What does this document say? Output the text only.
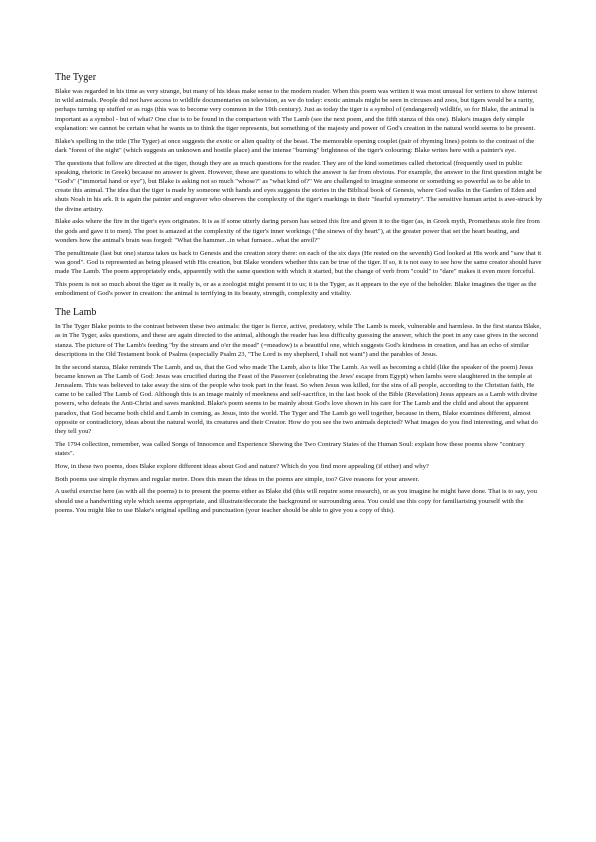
The Tyger

Blake was regarded in his time as very strange, but many of his ideas make sense to the modern reader. When this poem was written it was most unusual for writers to show interest in wild animals. People did not have access to wildlife documentaries on television, as we do today: exotic animals might be seen in circuses and zoos, but tigers would be a rarity, perhaps turning up stuffed or as rugs (this was to become very common in the 19th century). Just as today the tiger is a symbol of (endangered) wildlife, so for Blake, the animal is important as a symbol - but of what? One clue is to be found in the comparison with The Lamb (see the next poem, and the fifth stanza of this one). Blake's images defy simple explanation: we cannot be certain what he wants us to think the tiger represents, but something of the majesty and power of God's creation in the natural world seems to be present.

Blake's spelling in the title (The Tyger) at once suggests the exotic or alien quality of the beast. The memorable opening couplet (pair of rhyming lines) points to the contrast of the dark "forest of the night" (which suggests an unknown and hostile place) and the intense "burning" brightness of the tiger's colouring: Blake writes here with a painter's eye.

The questions that follow are directed at the tiger, though they are as much questions for the reader. They are of the kind sometimes called rhetorical (frequently used in public speaking, rhetoric in Greek) because no answer is given. However, these are questions to which the answer is far from obvious. For example, the answer to the first question might be "God's" ("immortal hand or eye"), but Blake is asking not so much "whose?" as "what kind of?" We are challenged to imagine someone or something so powerful as to be able to create this animal. The idea that the tiger is made by someone with hands and eyes suggests the stories in the Biblical book of Genesis, where God walks in the Garden of Eden and shuts Noah in his ark. It is again the painter and engraver who observes the complexity of the tiger's markings in their "fearful symmetry". The sensitive human artist is awe-struck by the divine artistry.

Blake asks where the fire in the tiger's eyes originates. It is as if some utterly daring person has seized this fire and given it to the tiger (as, in Greek myth, Prometheus stole fire from the gods and gave it to men). The poet is amazed at the complexity of the tiger's inner workings ("the sinews of thy heart"), at the greater power that set the heart beating, and wonders how the animal's brain was forged: "What the hammer...in what furnace...what the anvil?"

The penultimate (last but one) stanza takes us back to Genesis and the creation story there: on each of the six days (He rested on the seventh) God looked at His work and "saw that it was good". God is represented as being pleased with His creation, but Blake wonders whether this can be true of the tiger. If so, it is not easy to see how the same creator should have made The Lamb. The poem appropriately ends, apparently with the same question with which it started, but the change of verb from "could" to "dare" makes it even more forceful.

This poem is not so much about the tiger as it really is, or as a zoologist might present it to us; it is the Tyger, as it appears to the eye of the beholder. Blake imagines the tiger as the embodiment of God's power in creation: the animal is terrifying in its beauty, strength, complexity and vitality.

The Lamb

In The Tyger Blake points to the contrast between these two animals: the tiger is fierce, active, predatory, while The Lamb is meek, vulnerable and harmless. In the first stanza Blake, as in The Tyger, asks questions, and these are again directed to the animal, although the reader has less difficulty guessing the answer, which the poet in any case gives in the second stanza. The picture of The Lamb's feeding "by the stream and o'er the mead" (=meadow) is a beautiful one, which suggests God's kindness in creation, and has an echo of similar descriptions in the Old Testament book of Psalms (especially Psalm 23, "The Lord is my shepherd, I shall not want") and the parables of Jesus.

In the second stanza, Blake reminds The Lamb, and us, that the God who made The Lamb, also is like The Lamb. As well as becoming a child (like the speaker of the poem) Jesus became known as The Lamb of God: Jesus was crucified during the Feast of the Passover (celebrating the Jews' escape from Egypt) when lambs were slaughtered in the temple at Jerusalem. This was believed to take away the sins of the people who took part in the feast. So when Jesus was killed, for the sins of all people, according to the Christian faith, He came to be called The Lamb of God. Although this is an image mainly of meekness and self-sacrifice, in the last book of the Bible (Revelation) Jesus appears as a Lamb with divine powers, who defeats the Anti-Christ and saves mankind. Blake's poem seems to be mainly about God's love shown in his care for The Lamb and the child and about the apparent paradox, that God became both child and Lamb in coming, as Jesus, into the world. The Tyger and The Lamb go well together, because in them, Blake examines different, almost opposite or contradictory, ideas about the natural world, its creatures and their Creator. How do you see the two animals depicted? What images do you find interesting, and what do they tell you?

The 1794 collection, remember, was called Songs of Innocence and Experience Shewing the Two Contrary States of the Human Soul: explain how these poems show "contrary states".

How, in these two poems, does Blake explore different ideas about God and nature? Which do you find more appealing (if either) and why?

Both poems use simple rhymes and regular metre. Does this mean the ideas in the poems are simple, too? Give reasons for your answer.

A useful exercise here (as with all the poems) is to present the poems either as Blake did (this will require some research), or as you imagine he might have done. That is to say, you should use a handwriting style which seems appropriate, and illustrate/decorate the background or surrounding area. You could use this copy for familiarising yourself with the poems. You might like to use Blake's original spelling and punctuation (your teacher should be able to give you a copy of this).
